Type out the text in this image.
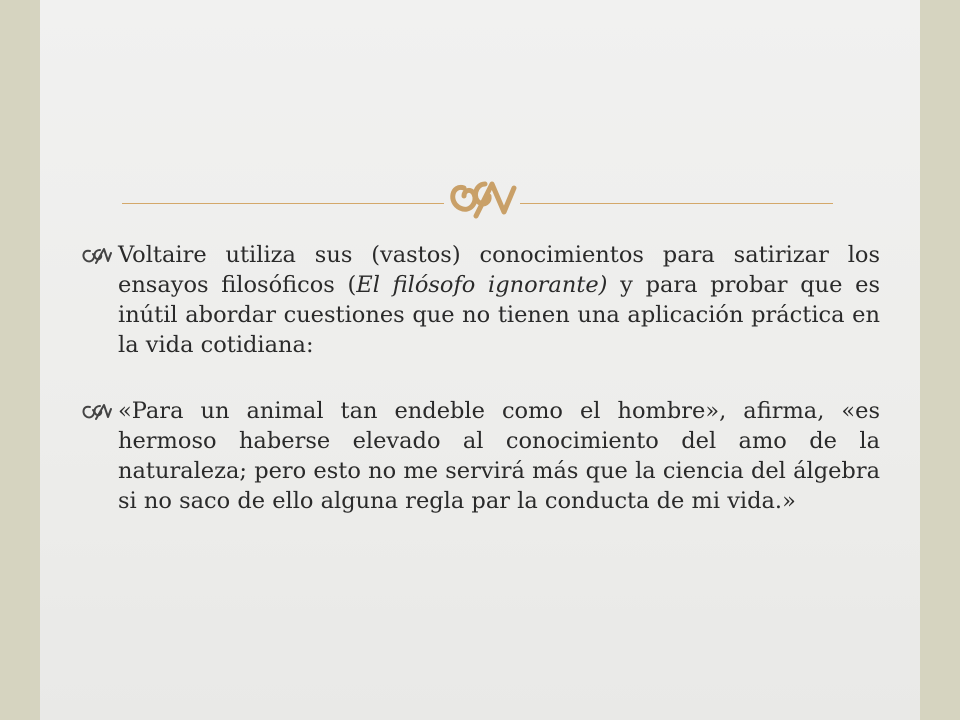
Voltaire utiliza sus (vastos) conocimientos para satirizar los ensayos filosóficos (El filósofo ignorante) y para probar que es inútil abordar cuestiones que no tienen una aplicación práctica en la vida cotidiana:
«Para un animal tan endeble como el hombre», afirma, «es hermoso haberse elevado al conocimiento del amo de la naturaleza; pero esto no me servirá más que la ciencia del álgebra si no saco de ello alguna regla par la conducta de mi vida.»
